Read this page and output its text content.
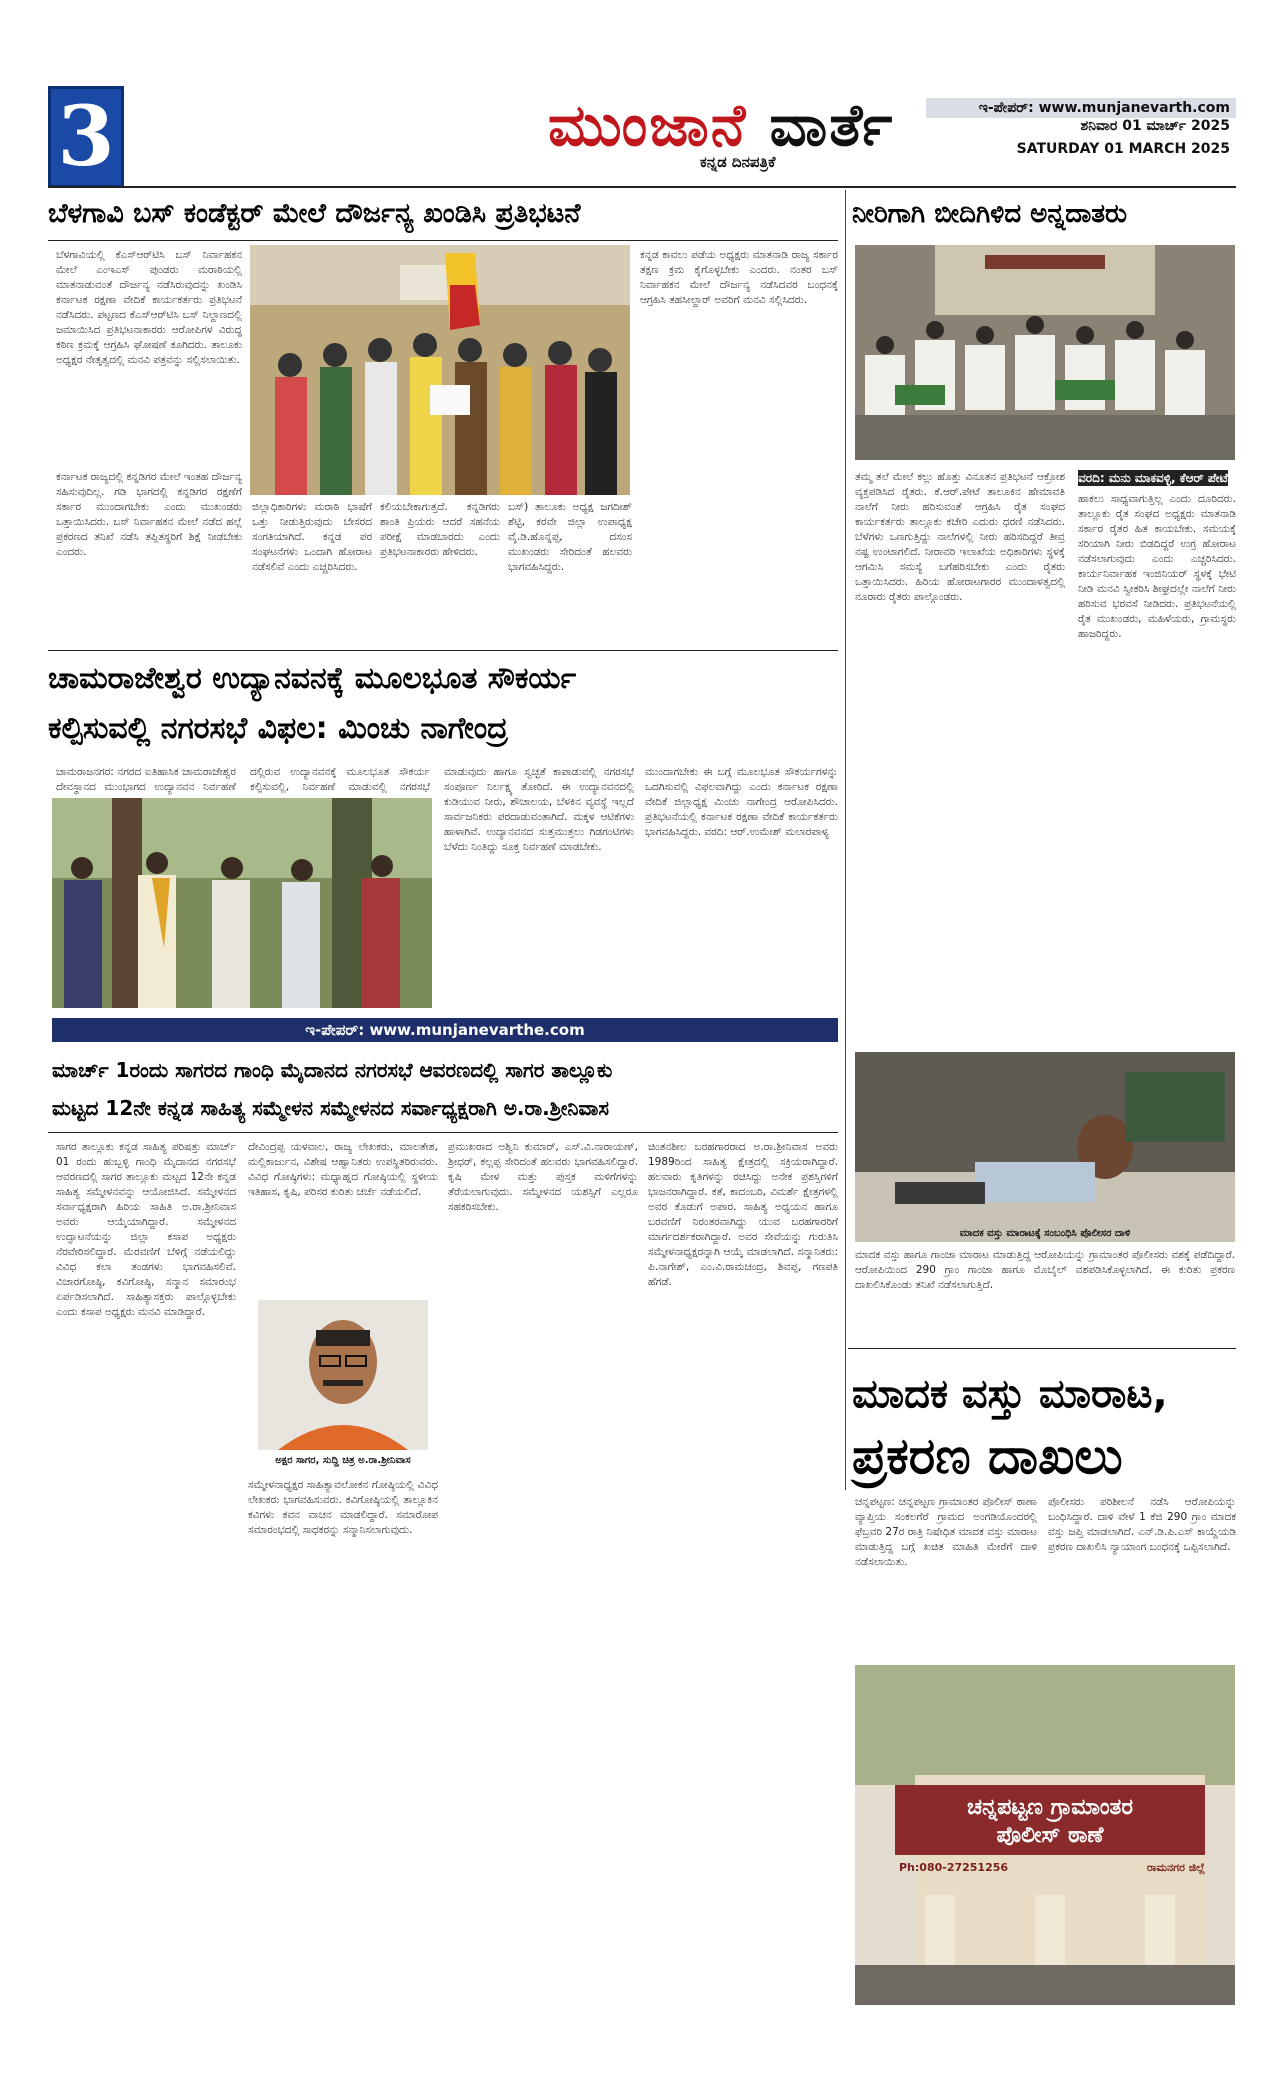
3	ಮುಂಜಾನೆ ವಾರ್ತೆ
ಕನ್ನಡ ದಿನಪತ್ರಿಕೆ
ಇ-ಪೇಪರ್: www.munjanevarth.com
ಶನಿವಾರ 01 ಮಾರ್ಚ್ 2025
SATURDAY 01 MARCH 2025
ಬೆಳಗಾವಿ ಬಸ್ ಕಂಡೆಕ್ಟರ್ ಮೇಲೆ ದೌರ್ಜನ್ಯ ಖಂಡಿಸಿ ಪ್ರತಿಭಟನೆ
ಬೆಳಗಾವಿಯಲ್ಲಿ ಕೆಎಸ್‌ಆರ್‌ಟಿಸಿ ಬಸ್ ನಿರ್ವಾಹಕನ ಮೇಲೆ ಎಂಇಎಸ್ ಪುಂಡರು ಮರಾಠಿಯಲ್ಲಿ ಮಾತನಾಡುವಂತೆ ದೌರ್ಜನ್ಯ ನಡೆಸಿರುವುದನ್ನು ಖಂಡಿಸಿ ಕರ್ನಾಟಕ ರಕ್ಷಣಾ ವೇದಿಕೆ ಕಾರ್ಯಕರ್ತರು ಪ್ರತಿಭಟನೆ ನಡೆಸಿದರು. ಪಟ್ಟಣದ ಕೆಎಸ್‌ಆರ್‌ಟಿಸಿ ಬಸ್ ನಿಲ್ದಾಣದಲ್ಲಿ ಜಮಾಯಿಸಿದ ಪ್ರತಿಭಟನಾಕಾರರು ಆರೋಪಿಗಳ ವಿರುದ್ಧ ಕಠಿಣ ಕ್ರಮಕ್ಕೆ ಆಗ್ರಹಿಸಿ ಘೋಷಣೆ ಕೂಗಿದರು. ತಾಲೂಕು ಅಧ್ಯಕ್ಷರ ನೇತೃತ್ವದಲ್ಲಿ ಮನವಿ ಪತ್ರವನ್ನು ಸಲ್ಲಿಸಲಾಯಿತು.
ಕನ್ನಡ ಕಾವಲು ಪಡೆಯ ಅಧ್ಯಕ್ಷರು ಮಾತನಾಡಿ ರಾಜ್ಯ ಸರ್ಕಾರ ತಕ್ಷಣ ಕ್ರಮ ಕೈಗೊಳ್ಳಬೇಕು ಎಂದರು. ನಂತರ ಬಸ್ ನಿರ್ವಾಹಕನ ಮೇಲೆ ದೌರ್ಜನ್ಯ ನಡೆಸಿದವರ ಬಂಧನಕ್ಕೆ ಆಗ್ರಹಿಸಿ ತಹಸೀಲ್ದಾರ್ ಅವರಿಗೆ ಮನವಿ ಸಲ್ಲಿಸಿದರು.
ಕರ್ನಾಟಕ ರಾಜ್ಯದಲ್ಲಿ ಕನ್ನಡಿಗರ ಮೇಲೆ ಇಂತಹ ದೌರ್ಜನ್ಯ ಸಹಿಸುವುದಿಲ್ಲ. ಗಡಿ ಭಾಗದಲ್ಲಿ ಕನ್ನಡಿಗರ ರಕ್ಷಣೆಗೆ ಸರ್ಕಾರ ಮುಂದಾಗಬೇಕು ಎಂದು ಮುಖಂಡರು ಒತ್ತಾಯಿಸಿದರು. ಬಸ್ ನಿರ್ವಾಹಕನ ಮೇಲೆ ನಡೆದ ಹಲ್ಲೆ ಪ್ರಕರಣದ ತನಿಖೆ ನಡೆಸಿ ತಪ್ಪಿತಸ್ಥರಿಗೆ ಶಿಕ್ಷೆ ನೀಡಬೇಕು ಎಂದರು.
ಜಿಲ್ಲಾಧಿಕಾರಿಗಳು ಮರಾಠಿ ಭಾಷೆಗೆ ಒತ್ತು ನೀಡುತ್ತಿರುವುದು ಬೇಸರದ ಸಂಗತಿಯಾಗಿದೆ. ಕನ್ನಡ ಪರ ಸಂಘಟನೆಗಳು ಒಂದಾಗಿ ಹೋರಾಟ ನಡೆಸಲಿವೆ ಎಂದು ಎಚ್ಚರಿಸಿದರು.
ಕಲಿಯಬೇಕಾಗುತ್ತದೆ. ಕನ್ನಡಿಗರು ಶಾಂತಿ ಪ್ರಿಯರು ಆದರೆ ಸಹನೆಯ ಪರೀಕ್ಷೆ ಮಾಡಬಾರದು ಎಂದು ಪ್ರತಿಭಟನಾಕಾರರು ಹೇಳಿದರು.
ಬಸ್) ತಾಲೂಕು ಅಧ್ಯಕ್ಷ ಜಗದೀಶ್ ಶೆಟ್ಟಿ, ಕರವೇ ಜಿಲ್ಲಾ ಉಪಾಧ್ಯಕ್ಷ ವೈ.ಡಿ.ಹೊನ್ನಪ್ಪ, ದಸಂಸ ಮುಖಂಡರು ಸೇರಿದಂತೆ ಹಲವರು ಭಾಗವಹಿಸಿದ್ದರು.
ನೀರಿಗಾಗಿ ಬೀದಿಗಿಳಿದ ಅನ್ನದಾತರು
ವರದಿ: ಮನು ಮಾಕವಳ್ಳಿ, ಕೆಆರ್ ಪೇಟೆ
ತಮ್ಮ ತಲೆ ಮೇಲೆ ಕಲ್ಲು ಹೊತ್ತು ವಿನೂತನ ಪ್ರತಿಭಟನೆ ಆಕ್ರೋಶ ವ್ಯಕ್ತಪಡಿಸಿದ ರೈತರು. ಕೆ.ಆರ್.ಪೇಟೆ ತಾಲೂಕಿನ ಹೇಮಾವತಿ ನಾಲೆಗೆ ನೀರು ಹರಿಸುವಂತೆ ಆಗ್ರಹಿಸಿ ರೈತ ಸಂಘದ ಕಾರ್ಯಕರ್ತರು ತಾಲ್ಲೂಕು ಕಚೇರಿ ಎದುರು ಧರಣಿ ನಡೆಸಿದರು. ಬೆಳೆಗಳು ಒಣಗುತ್ತಿದ್ದು ನಾಲೆಗಳಲ್ಲಿ ನೀರು ಹರಿಸದಿದ್ದರೆ ತೀವ್ರ ನಷ್ಟ ಉಂಟಾಗಲಿದೆ. ನೀರಾವರಿ ಇಲಾಖೆಯ ಅಧಿಕಾರಿಗಳು ಸ್ಥಳಕ್ಕೆ ಆಗಮಿಸಿ ಸಮಸ್ಯೆ ಬಗೆಹರಿಸಬೇಕು ಎಂದು ರೈತರು ಒತ್ತಾಯಿಸಿದರು. ಹಿರಿಯ ಹೋರಾಟಗಾರರ ಮುಂದಾಳತ್ವದಲ್ಲಿ ನೂರಾರು ರೈತರು ಪಾಲ್ಗೊಂಡರು.
ಹಾಕಲು ಸಾಧ್ಯವಾಗುತ್ತಿಲ್ಲ ಎಂದು ದೂರಿದರು. ತಾಲ್ಲೂಕು ರೈತ ಸಂಘದ ಅಧ್ಯಕ್ಷರು ಮಾತನಾಡಿ ಸರ್ಕಾರ ರೈತರ ಹಿತ ಕಾಯಬೇಕು. ಸಮಯಕ್ಕೆ ಸರಿಯಾಗಿ ನೀರು ಬಿಡದಿದ್ದರೆ ಉಗ್ರ ಹೋರಾಟ ನಡೆಸಲಾಗುವುದು ಎಂದು ಎಚ್ಚರಿಸಿದರು. ಕಾರ್ಯನಿರ್ವಾಹಕ ಇಂಜಿನಿಯರ್ ಸ್ಥಳಕ್ಕೆ ಭೇಟಿ ನೀಡಿ ಮನವಿ ಸ್ವೀಕರಿಸಿ ಶೀಘ್ರದಲ್ಲೇ ನಾಲೆಗೆ ನೀರು ಹರಿಸುವ ಭರವಸೆ ನೀಡಿದರು. ಪ್ರತಿಭಟನೆಯಲ್ಲಿ ರೈತ ಮುಖಂಡರು, ಮಹಿಳೆಯರು, ಗ್ರಾಮಸ್ಥರು ಹಾಜರಿದ್ದರು.
ಚಾಮರಾಜೇಶ್ವರ ಉದ್ಯಾನವನಕ್ಕೆ ಮೂಲಭೂತ ಸೌಕರ್ಯ
ಕಲ್ಪಿಸುವಲ್ಲಿ ನಗರಸಭೆ ವಿಫಲ: ಮಿಂಚು ನಾಗೇಂದ್ರ
ಚಾಮರಾಜನಗರ: ನಗರದ ಐತಿಹಾಸಿಕ ಚಾಮರಾಜೇಶ್ವರ ದೇವಸ್ಥಾನದ ಮುಂಭಾಗದ ಉದ್ಯಾನವನ ನಿರ್ವಹಣೆ
ದಲ್ಲಿರುವ ಉದ್ಯಾನವನಕ್ಕೆ ಮೂಲಭೂತ ಸೌಕರ್ಯ ಕಲ್ಪಿಸುವಲ್ಲಿ, ನಿರ್ವಹಣೆ ಮಾಡುವಲ್ಲಿ ನಗರಸಭೆ
ಮಾಡುವುದು ಹಾಗೂ ಸ್ವಚ್ಛತೆ ಕಾಪಾಡುವಲ್ಲಿ ನಗರಸಭೆ ಸಂಪೂರ್ಣ ನಿರ್ಲಕ್ಷ್ಯ ತೋರಿದೆ. ಈ ಉದ್ಯಾನವನದಲ್ಲಿ ಕುಡಿಯುವ ನೀರು, ಶೌಚಾಲಯ, ಬೆಳಕಿನ ವ್ಯವಸ್ಥೆ ಇಲ್ಲದೆ ಸಾರ್ವಜನಿಕರು ಪರದಾಡುವಂತಾಗಿದೆ. ಮಕ್ಕಳ ಆಟಿಕೆಗಳು ಹಾಳಾಗಿವೆ. ಉದ್ಯಾನವನದ ಸುತ್ತಮುತ್ತಲು ಗಿಡಗಂಟಿಗಳು ಬೆಳೆದು ನಿಂತಿದ್ದು ಸೂಕ್ತ ನಿರ್ವಹಣೆ ಮಾಡಬೇಕು.
ಮುಂದಾಗಬೇಕು ಈ ಬಗ್ಗೆ ಮೂಲಭೂತ ಸೌಕರ್ಯಗಳನ್ನು ಒದಗಿಸುವಲ್ಲಿ ವಿಫಲವಾಗಿದ್ದು ಎಂದು ಕರ್ನಾಟಕ ರಕ್ಷಣಾ ವೇದಿಕೆ ಜಿಲ್ಲಾಧ್ಯಕ್ಷ ಮಿಂಚು ನಾಗೇಂದ್ರ ಆರೋಪಿಸಿದರು. ಪ್ರತಿಭಟನೆಯಲ್ಲಿ ಕರ್ನಾಟಕ ರಕ್ಷಣಾ ವೇದಿಕೆ ಕಾರ್ಯಕರ್ತರು ಭಾಗವಹಿಸಿದ್ದರು. ವರದಿ: ಆರ್.ಉಮೇಶ್ ಮಲಾರಪಾಳ್ಯ
ಇ-ಪೇಪರ್: www.munjanevarthe.com
ಮಾರ್ಚ್ 1ರಂದು ಸಾಗರದ ಗಾಂಧಿ ಮೈದಾನದ ನಗರಸಭೆ ಆವರಣದಲ್ಲಿ ಸಾಗರ ತಾಲ್ಲೂಕು
ಮಟ್ಟದ 12ನೇ ಕನ್ನಡ ಸಾಹಿತ್ಯ ಸಮ್ಮೇಳನ ಸಮ್ಮೇಳನದ ಸರ್ವಾಧ್ಯಕ್ಷರಾಗಿ ಅ.ರಾ.ಶ್ರೀನಿವಾಸ
ಸಾಗರ ತಾಲ್ಲೂಕು ಕನ್ನಡ ಸಾಹಿತ್ಯ ಪರಿಷತ್ತು ಮಾರ್ಚ್ 01 ರಂದು ಹುಬ್ಬಳ್ಳಿ ಗಾಂಧಿ ಮೈದಾನದ ನಗರಸಭೆ ಆವರಣದಲ್ಲಿ ಸಾಗರ ತಾಲ್ಲೂಕು ಮಟ್ಟದ 12ನೇ ಕನ್ನಡ ಸಾಹಿತ್ಯ ಸಮ್ಮೇಳನವನ್ನು ಆಯೋಜಿಸಿದೆ. ಸಮ್ಮೇಳನದ ಸರ್ವಾಧ್ಯಕ್ಷರಾಗಿ ಹಿರಿಯ ಸಾಹಿತಿ ಅ.ರಾ.ಶ್ರೀನಿವಾಸ ಅವರು ಆಯ್ಕೆಯಾಗಿದ್ದಾರೆ. ಸಮ್ಮೇಳನದ ಉದ್ಘಾಟನೆಯನ್ನು ಜಿಲ್ಲಾ ಕಸಾಪ ಅಧ್ಯಕ್ಷರು ನೆರವೇರಿಸಲಿದ್ದಾರೆ. ಮೆರವಣಿಗೆ ಬೆಳಿಗ್ಗೆ ನಡೆಯಲಿದ್ದು ವಿವಿಧ ಕಲಾ ತಂಡಗಳು ಭಾಗವಹಿಸಲಿವೆ. ವಿಚಾರಗೋಷ್ಠಿ, ಕವಿಗೋಷ್ಠಿ, ಸನ್ಮಾನ ಸಮಾರಂಭ ಏರ್ಪಡಿಸಲಾಗಿದೆ. ಸಾಹಿತ್ಯಾಸಕ್ತರು ಪಾಲ್ಗೊಳ್ಳಬೇಕು ಎಂದು ಕಸಾಪ ಅಧ್ಯಕ್ಷರು ಮನವಿ ಮಾಡಿದ್ದಾರೆ.
ದೇವಿಂದ್ರಪ್ಪ ಯಳವಾಲ, ರಾಜ್ಯ ಲೇಖಕರು, ಮಾಲತೇಶ, ಮಲ್ಲಿಕಾರ್ಜುನ, ವಿಶೇಷ ಆಹ್ವಾನಿತರು ಉಪಸ್ಥಿತರಿರುವರು. ವಿವಿಧ ಗೋಷ್ಠಿಗಳು: ಮಧ್ಯಾಹ್ನದ ಗೋಷ್ಠಿಯಲ್ಲಿ ಸ್ಥಳೀಯ ಇತಿಹಾಸ, ಕೃಷಿ, ಪರಿಸರ ಕುರಿತು ಚರ್ಚೆ ನಡೆಯಲಿದೆ.
ಅಕ್ಷರ ಸಾಗರ, ಸುದ್ದಿ ಚಿತ್ರ ಅ.ರಾ.ಶ್ರೀನಿವಾಸ
ಸಮ್ಮೇಳನಾಧ್ಯಕ್ಷರ ಸಾಹಿತ್ಯಾವಲೋಕನ ಗೋಷ್ಠಿಯಲ್ಲಿ ವಿವಿಧ ಲೇಖಕರು ಭಾಗವಹಿಸುವರು. ಕವಿಗೋಷ್ಠಿಯಲ್ಲಿ ತಾಲ್ಲೂಕಿನ ಕವಿಗಳು ಕವನ ವಾಚನ ಮಾಡಲಿದ್ದಾರೆ. ಸಮಾರೋಪ ಸಮಾರಂಭದಲ್ಲಿ ಸಾಧಕರನ್ನು ಸನ್ಮಾನಿಸಲಾಗುವುದು.
ಪ್ರಮುಖರಾದ ಅಶ್ವಿನಿ ಕುಮಾರ್, ಎಸ್.ವಿ.ನಾರಾಯಣ್, ಶ್ರೀಧರ್, ಕಲ್ಲಪ್ಪ ಸೇರಿದಂತೆ ಹಲವರು ಭಾಗವಹಿಸಲಿದ್ದಾರೆ. ಕೃಷಿ ಮೇಳ ಮತ್ತು ಪುಸ್ತಕ ಮಳಿಗೆಗಳನ್ನು ತೆರೆಯಲಾಗುವುದು. ಸಮ್ಮೇಳನದ ಯಶಸ್ಸಿಗೆ ಎಲ್ಲರೂ ಸಹಕರಿಸಬೇಕು.
ಚಿಂತನಶೀಲ ಬರಹಗಾರರಾದ ಅ.ರಾ.ಶ್ರೀನಿವಾಸ ಅವರು 1989ರಿಂದ ಸಾಹಿತ್ಯ ಕ್ಷೇತ್ರದಲ್ಲಿ ಸಕ್ರಿಯರಾಗಿದ್ದಾರೆ. ಹಲವಾರು ಕೃತಿಗಳನ್ನು ರಚಿಸಿದ್ದು ಅನೇಕ ಪ್ರಶಸ್ತಿಗಳಿಗೆ ಭಾಜನರಾಗಿದ್ದಾರೆ. ಕತೆ, ಕಾದಂಬರಿ, ವಿಮರ್ಶೆ ಕ್ಷೇತ್ರಗಳಲ್ಲಿ ಅವರ ಕೊಡುಗೆ ಅಪಾರ. ಸಾಹಿತ್ಯ ಅಧ್ಯಯನ ಹಾಗೂ ಬರವಣಿಗೆ ನಿರಂತರವಾಗಿದ್ದು ಯುವ ಬರಹಗಾರರಿಗೆ ಮಾರ್ಗದರ್ಶಕರಾಗಿದ್ದಾರೆ. ಅವರ ಸೇವೆಯನ್ನು ಗುರುತಿಸಿ ಸಮ್ಮೇಳನಾಧ್ಯಕ್ಷರನ್ನಾಗಿ ಆಯ್ಕೆ ಮಾಡಲಾಗಿದೆ. ಸನ್ಮಾನಿತರು: ಪಿ.ನಾಗೇಶ್, ಎಂ.ವಿ.ರಾಮಚಂದ್ರ, ಶಿವಪ್ಪ, ಗಣಪತಿ ಹೆಗಡೆ.
ಮಾದಕ ವಸ್ತು ಹಾಗೂ ಗಾಂಜಾ ಮಾರಾಟ ಮಾಡುತ್ತಿದ್ದ ಆರೋಪಿಯನ್ನು ಗ್ರಾಮಾಂತರ ಪೊಲೀಸರು ವಶಕ್ಕೆ ಪಡೆದಿದ್ದಾರೆ. ಆರೋಪಿಯಿಂದ 290 ಗ್ರಾಂ ಗಾಂಜಾ ಹಾಗೂ ಮೊಬೈಲ್ ವಶಪಡಿಸಿಕೊಳ್ಳಲಾಗಿದೆ. ಈ ಕುರಿತು ಪ್ರಕರಣ ದಾಖಲಿಸಿಕೊಂಡು ತನಿಖೆ ನಡೆಸಲಾಗುತ್ತಿದೆ.
ಮಾದಕ ವಸ್ತು ಮಾರಾಟಕ್ಕೆ ಸಂಬಂಧಿಸಿ ಪೊಲೀಸರ ದಾಳಿ
ಮಾದಕ ವಸ್ತು ಮಾರಾಟ,
ಪ್ರಕರಣ ದಾಖಲು
ಚನ್ನಪಟ್ಟಣ: ಚನ್ನಪಟ್ಟಣ ಗ್ರಾಮಾಂತರ ಪೊಲೀಸ್ ಠಾಣಾ ವ್ಯಾಪ್ತಿಯ ಸಂಕಲಗೆರೆ ಗ್ರಾಮದ ಅಂಗಡಿಯೊಂದರಲ್ಲಿ ಫೆಬ್ರವರಿ 27ರ ರಾತ್ರಿ ನಿಷೇಧಿತ ಮಾದಕ ವಸ್ತು ಮಾರಾಟ ಮಾಡುತ್ತಿದ್ದ ಬಗ್ಗೆ ಖಚಿತ ಮಾಹಿತಿ ಮೇರೆಗೆ ದಾಳಿ ನಡೆಸಲಾಯಿತು.
ಪೊಲೀಸರು ಪರಿಶೀಲನೆ ನಡೆಸಿ ಆರೋಪಿಯನ್ನು ಬಂಧಿಸಿದ್ದಾರೆ. ದಾಳಿ ವೇಳೆ 1 ಕೆಜಿ 290 ಗ್ರಾಂ ಮಾದಕ ವಸ್ತು ಜಪ್ತಿ ಮಾಡಲಾಗಿದೆ. ಎನ್.ಡಿ.ಪಿ.ಎಸ್ ಕಾಯ್ದೆಯಡಿ ಪ್ರಕರಣ ದಾಖಲಿಸಿ ನ್ಯಾಯಾಂಗ ಬಂಧನಕ್ಕೆ ಒಪ್ಪಿಸಲಾಗಿದೆ.
ಚನ್ನಪಟ್ಟಣ ಗ್ರಾಮಾಂತರ
ಪೊಲೀಸ್ ಠಾಣೆ
Ph:080-27251256	ರಾಮನಗರ ಜಿಲ್ಲೆ
